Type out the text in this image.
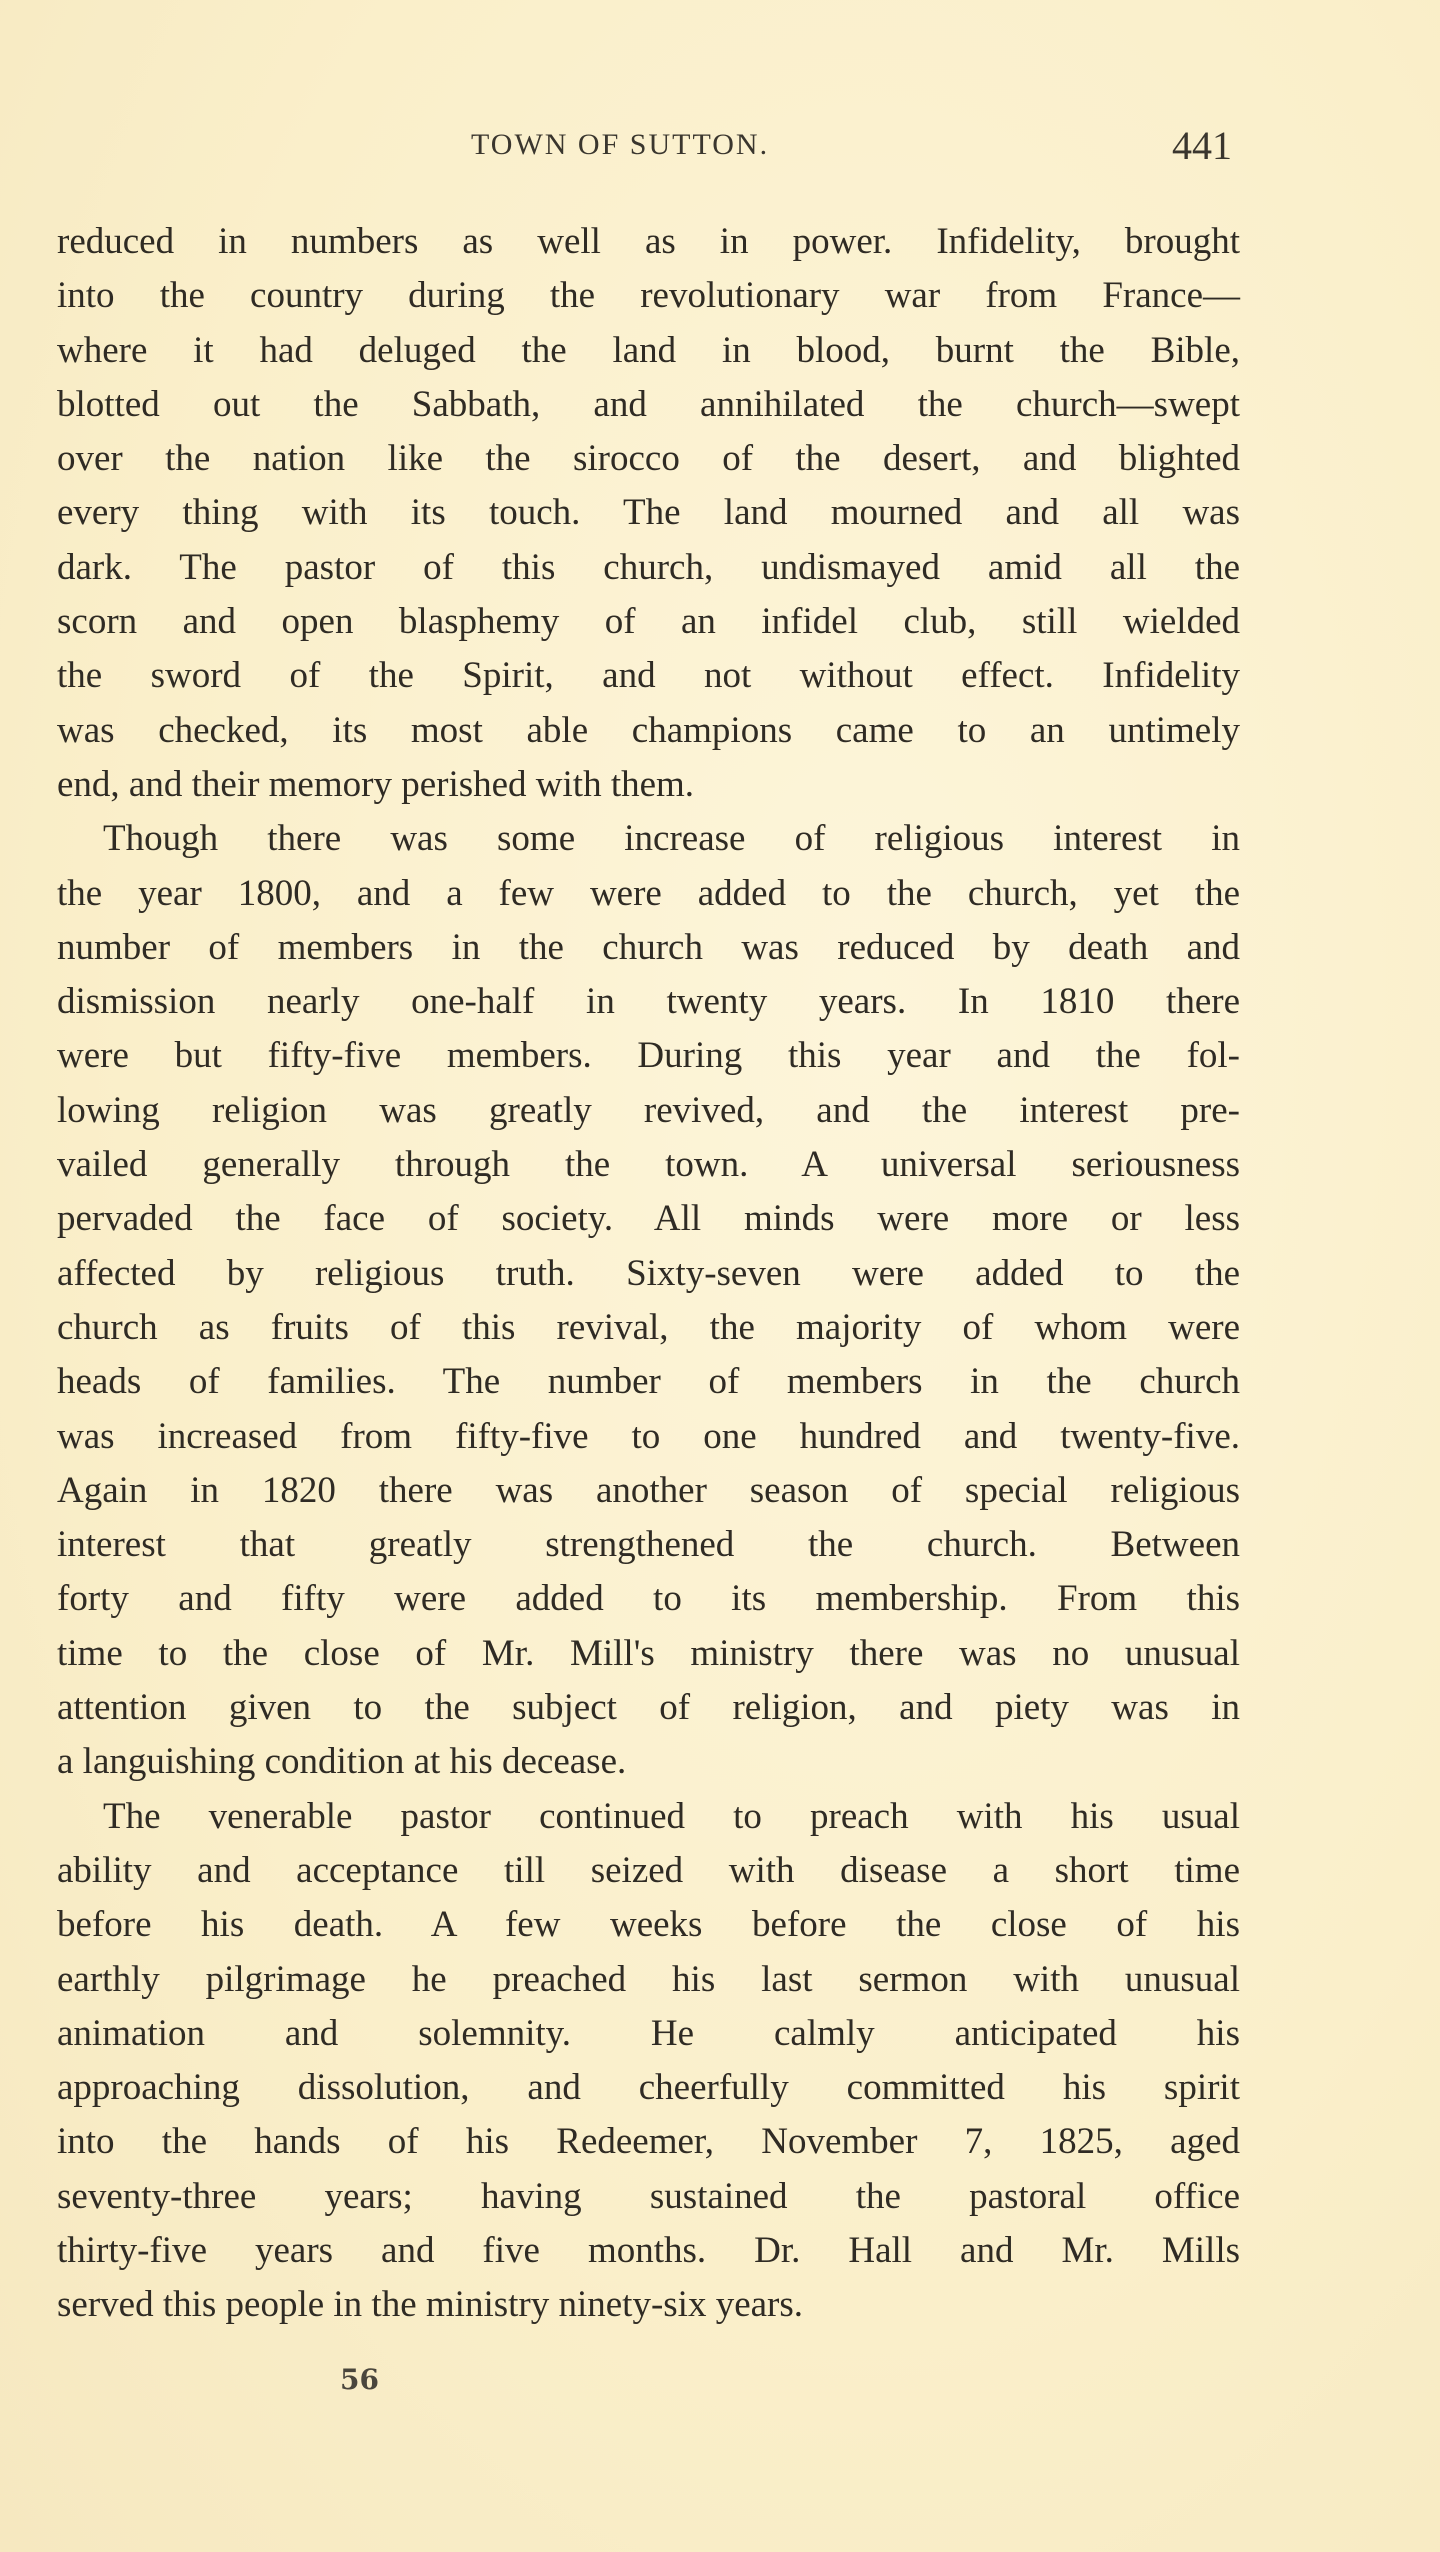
TOWN OF SUTTON.	441
reduced in numbers as well as in power. Infidelity, brought
into the country during the revolutionary war from France—
where it had deluged the land in blood, burnt the Bible,
blotted out the Sabbath, and annihilated the church—swept
over the nation like the sirocco of the desert, and blighted
every thing with its touch. The land mourned and all was
dark. The pastor of this church, undismayed amid all the
scorn and open blasphemy of an infidel club, still wielded
the sword of the Spirit, and not without effect. Infidelity
was checked, its most able champions came to an untimely
end, and their memory perished with them.
Though there was some increase of religious interest in
the year 1800, and a few were added to the church, yet the
number of members in the church was reduced by death and
dismission nearly one-half in twenty years. In 1810 there
were but fifty-five members. During this year and the fol-
lowing religion was greatly revived, and the interest pre-
vailed generally through the town. A universal seriousness
pervaded the face of society. All minds were more or less
affected by religious truth. Sixty-seven were added to the
church as fruits of this revival, the majority of whom were
heads of families. The number of members in the church
was increased from fifty-five to one hundred and twenty-five.
Again in 1820 there was another season of special religious
interest that greatly strengthened the church. Between
forty and fifty were added to its membership. From this
time to the close of Mr. Mill's ministry there was no unusual
attention given to the subject of religion, and piety was in
a languishing condition at his decease.
The venerable pastor continued to preach with his usual
ability and acceptance till seized with disease a short time
before his death. A few weeks before the close of his
earthly pilgrimage he preached his last sermon with unusual
animation and solemnity. He calmly anticipated his
approaching dissolution, and cheerfully committed his spirit
into the hands of his Redeemer, November 7, 1825, aged
seventy-three years; having sustained the pastoral office
thirty-five years and five months. Dr. Hall and Mr. Mills
served this people in the ministry ninety-six years.
56
